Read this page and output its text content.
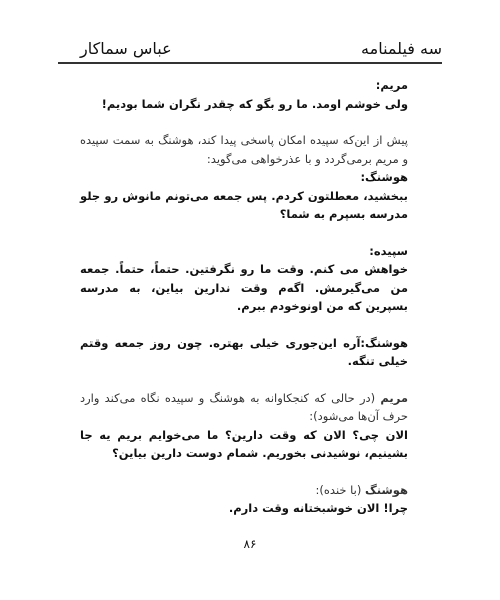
سه فیلمنامه
عباس سماکار

مریم:

ولی خوشم اومد. ما رو بگو که چقدر نگران شما بودیم!

پیش از این‌که سپیده امکان پاسخی پیدا کند، هوشنگ به سمت سپیده و مریم برمی‌گردد و با عذرخواهی می‌گوید:

هوشنگ:

ببخشید، معطلتون کردم. پس جمعه می‌تونم مانوش رو جلو مدرسه بسپرم به شما؟

سپیده:

خواهش می کنم. وقت ما رو نگرفتین. حتماً، حتماً. جمعه من می‌گیرمش. اگه‌م وقت ندارین بیاین، به مدرسه بسپرین که من اونوخودم ببرم.

هوشنگ:آره این‌جوری خیلی بهتره. چون روز جمعه وقتم خیلی تنگه.

مریم (در حالی که کنجکاوانه به هوشنگ و سپیده نگاه می‌کند وارد حرف آن‌ها می‌شود):

الان چی؟ الان که وقت دارین؟ ما می‌خوایم بریم یه جا بشینیم، نوشیدنی بخوریم. شمام دوست دارین بیاین؟

هوشنگ (با خنده):

چرا! الان خوشبختانه وقت دارم.

۸۶
